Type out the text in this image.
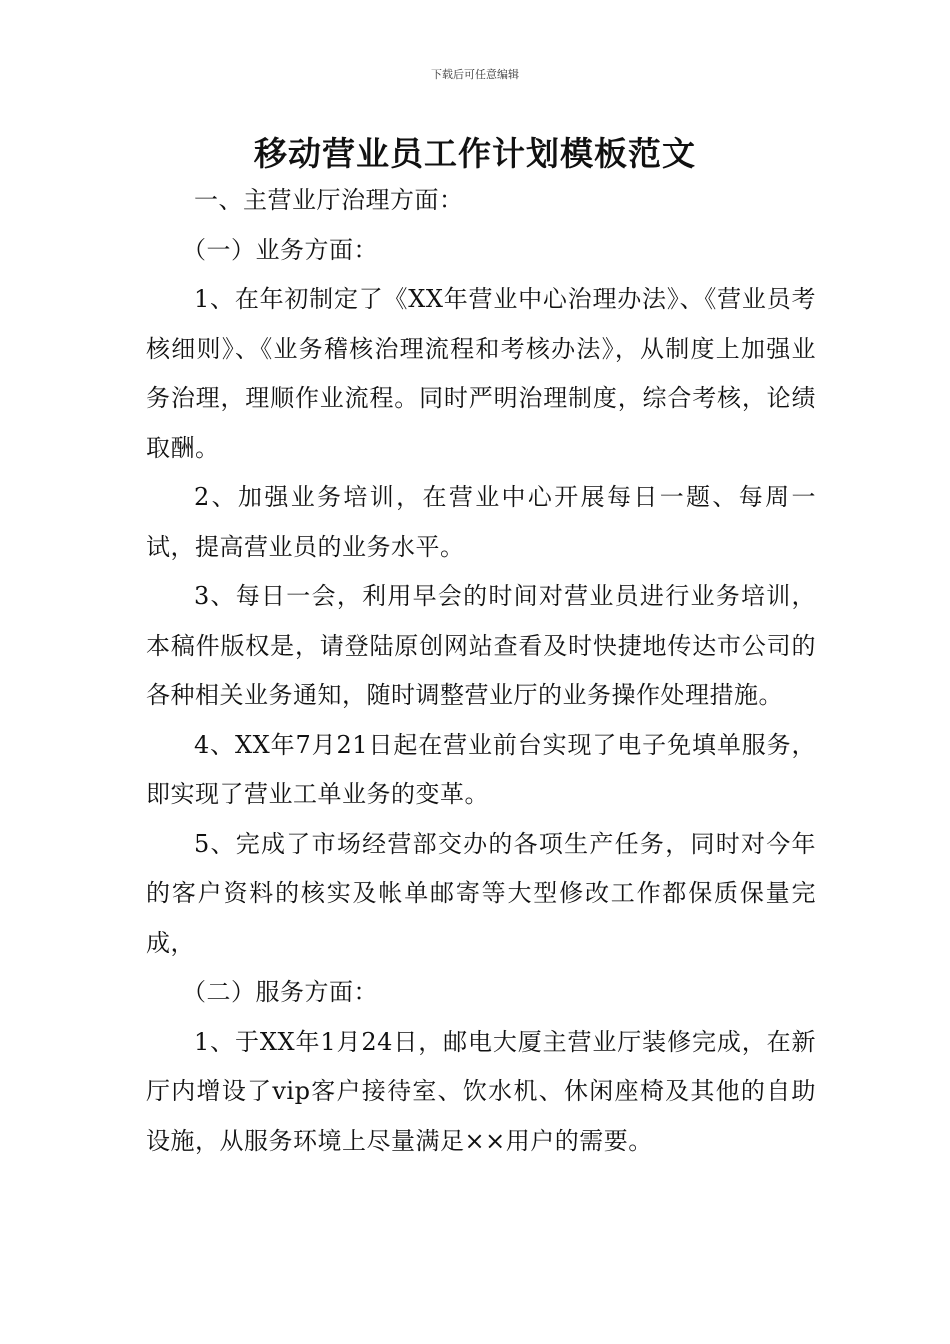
下载后可任意编辑
移动营业员工作计划模板范文

一、主营业厅治理方面：

（一）业务方面：

1、在年初制定了《XX年营业中心治理办法》、《营业员考核细则》、《业务稽核治理流程和考核办法》，从制度上加强业务治理，理顺作业流程。同时严明治理制度，综合考核，论绩取酬。

2、加强业务培训，在营业中心开展每日一题、每周一试，提高营业员的业务水平。

3、每日一会，利用早会的时间对营业员进行业务培训，本稿件版权是，请登陆原创网站查看及时快捷地传达市公司的各种相关业务通知，随时调整营业厅的业务操作处理措施。

4、XX年7月21日起在营业前台实现了电子免填单服务，即实现了营业工单业务的变革。

5、完成了市场经营部交办的各项生产任务，同时对今年的客户资料的核实及帐单邮寄等大型修改工作都保质保量完成，

（二）服务方面：

1、于XX年1月24日，邮电大厦主营业厅装修完成，在新厅内增设了vip客户接待室、饮水机、休闲座椅及其他的自助设施，从服务环境上尽量满足××用户的需要。
